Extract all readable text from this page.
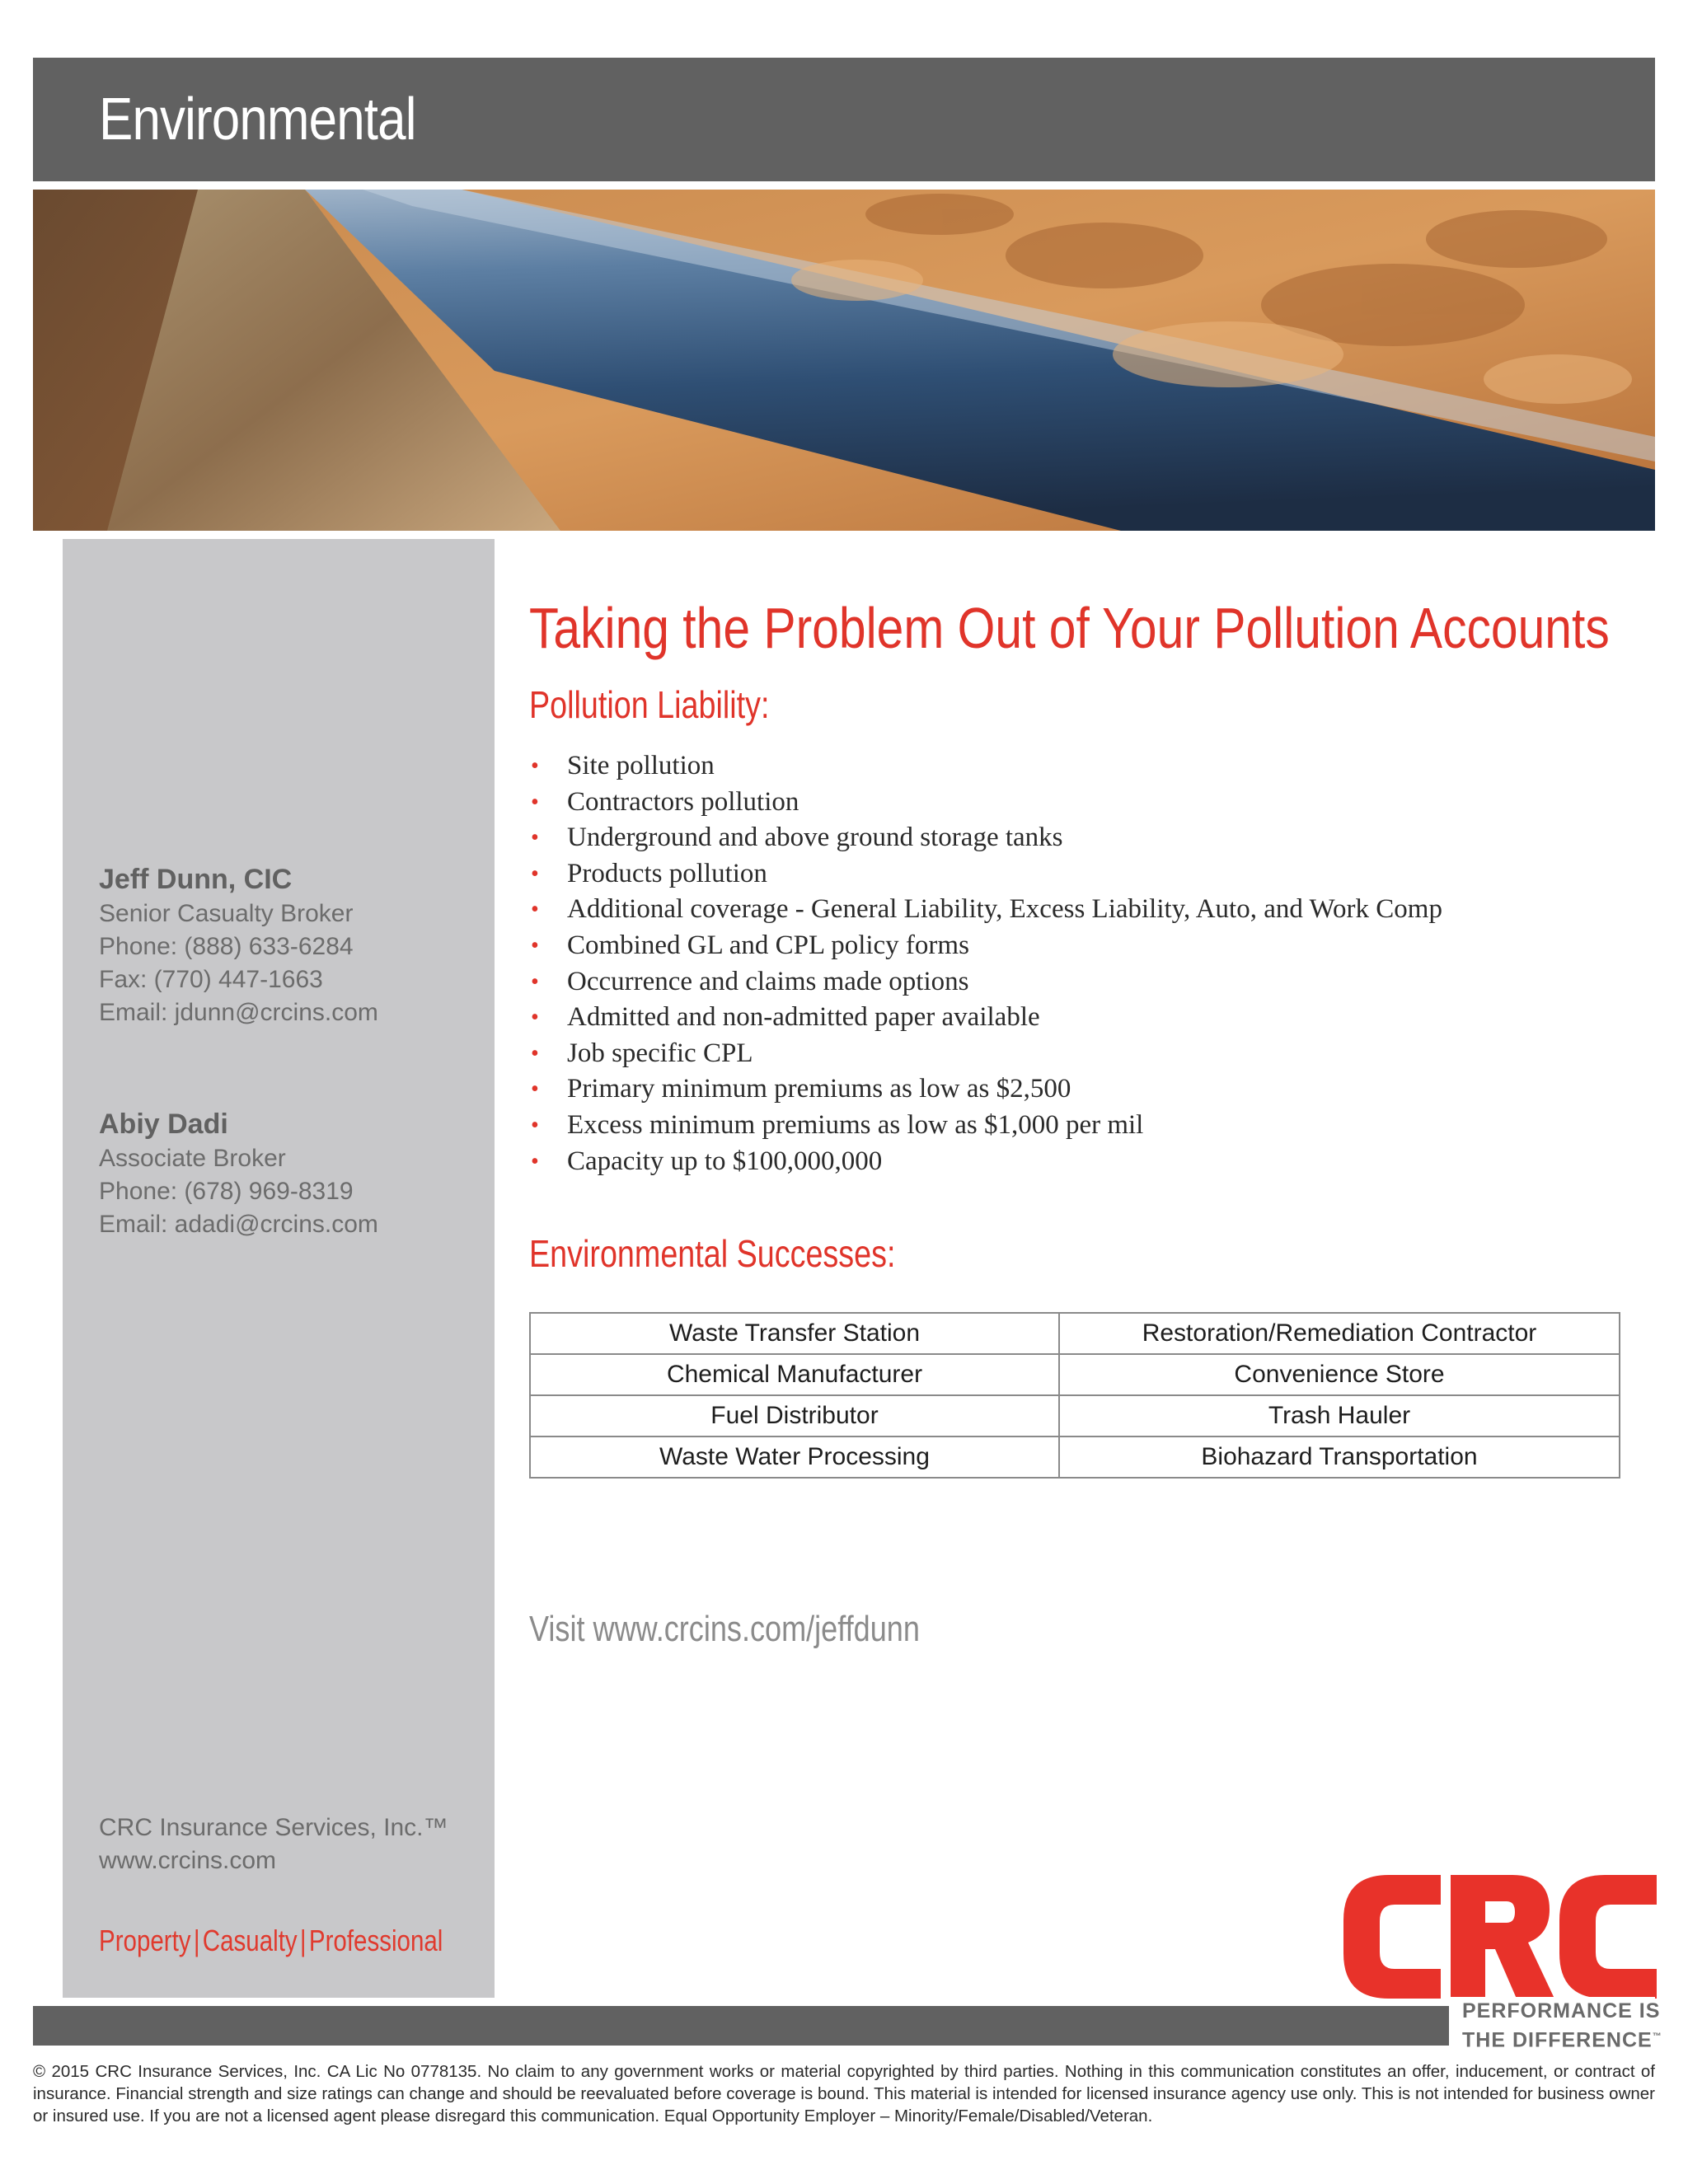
Environmental
Jeff Dunn, CIC
Senior Casualty Broker
Phone: (888) 633-6284
Fax: (770) 447-1663
Email: jdunn@crcins.com
Abiy Dadi
Associate Broker
Phone: (678) 969-8319
Email: adadi@crcins.com
CRC Insurance Services, Inc.™
www.crcins.com
Property|Casualty|Professional
Taking the Problem Out of Your Pollution Accounts
Pollution Liability:
• Site pollution
• Contractors pollution
• Underground and above ground storage tanks
• Products pollution
• Additional coverage - General Liability, Excess Liability, Auto, and Work Comp
• Combined GL and CPL policy forms
• Occurrence and claims made options
• Admitted and non-admitted paper available
• Job specific CPL
• Primary minimum premiums as low as $2,500
• Excess minimum premiums as low as $1,000 per mil
• Capacity up to $100,000,000
Environmental Successes:
Waste Transfer Station	Restoration/Remediation Contractor
Chemical Manufacturer	Convenience Store
Fuel Distributor	Trash Hauler
Waste Water Processing	Biohazard Transportation
Visit www.crcins.com/jeffdunn
PERFORMANCE IS
THE DIFFERENCE™
© 2015 CRC Insurance Services, Inc. CA Lic No 0778135. No claim to any government works or material copyrighted by third parties. Nothing in this communication constitutes an offer, inducement, or contract of insurance. Financial strength and size ratings can change and should be reevaluated before coverage is bound. This material is intended for licensed insurance agency use only. This is not intended for business owner or insured use. If you are not a licensed agent please disregard this communication. Equal Opportunity Employer – Minority/Female/Disabled/Veteran.
